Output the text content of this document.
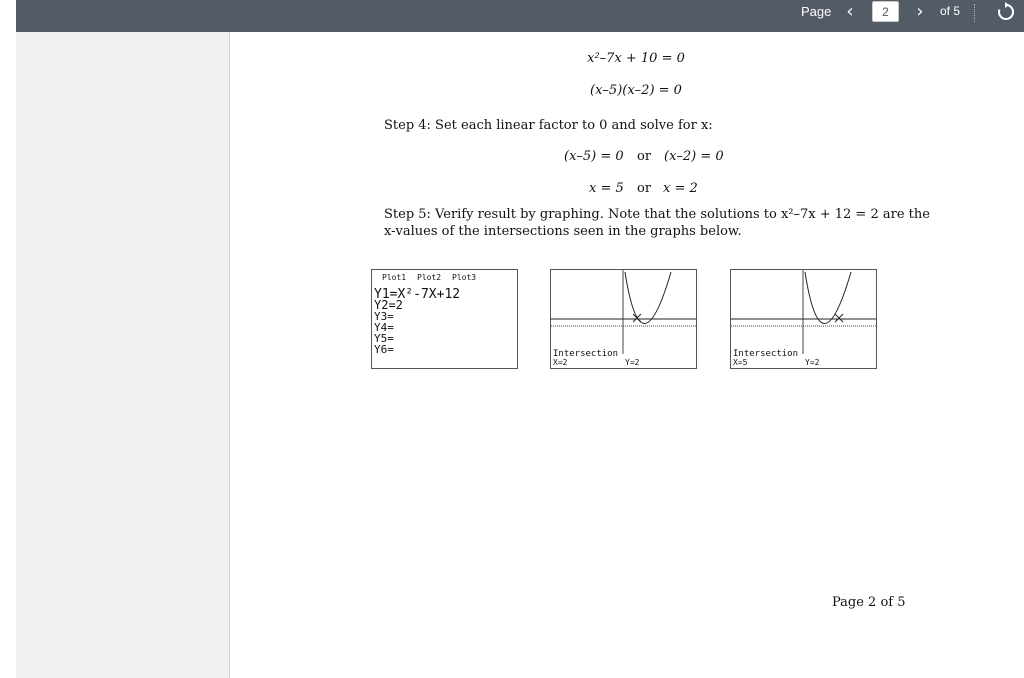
Page ‹
2	›	of 5
x²–7x + 10 = 0
(x–5)(x–2) = 0
Step 4: Set each linear factor to 0 and solve for x:
(x–5) = 0 or (x–2) = 0
x = 5 or x = 2
Step 5: Verify result by graphing. Note that the solutions to x²–7x + 12 = 2 are the
x-values of the intersections seen in the graphs below.
Plot1 Plot2 Plot3
Y1=X²-7X+12
Y2=2
Y3=
Y4=
Y5=
Y6=	Intersection
X=2	Y=2
Intersection
X=5	Y=2
Page 2 of 5
